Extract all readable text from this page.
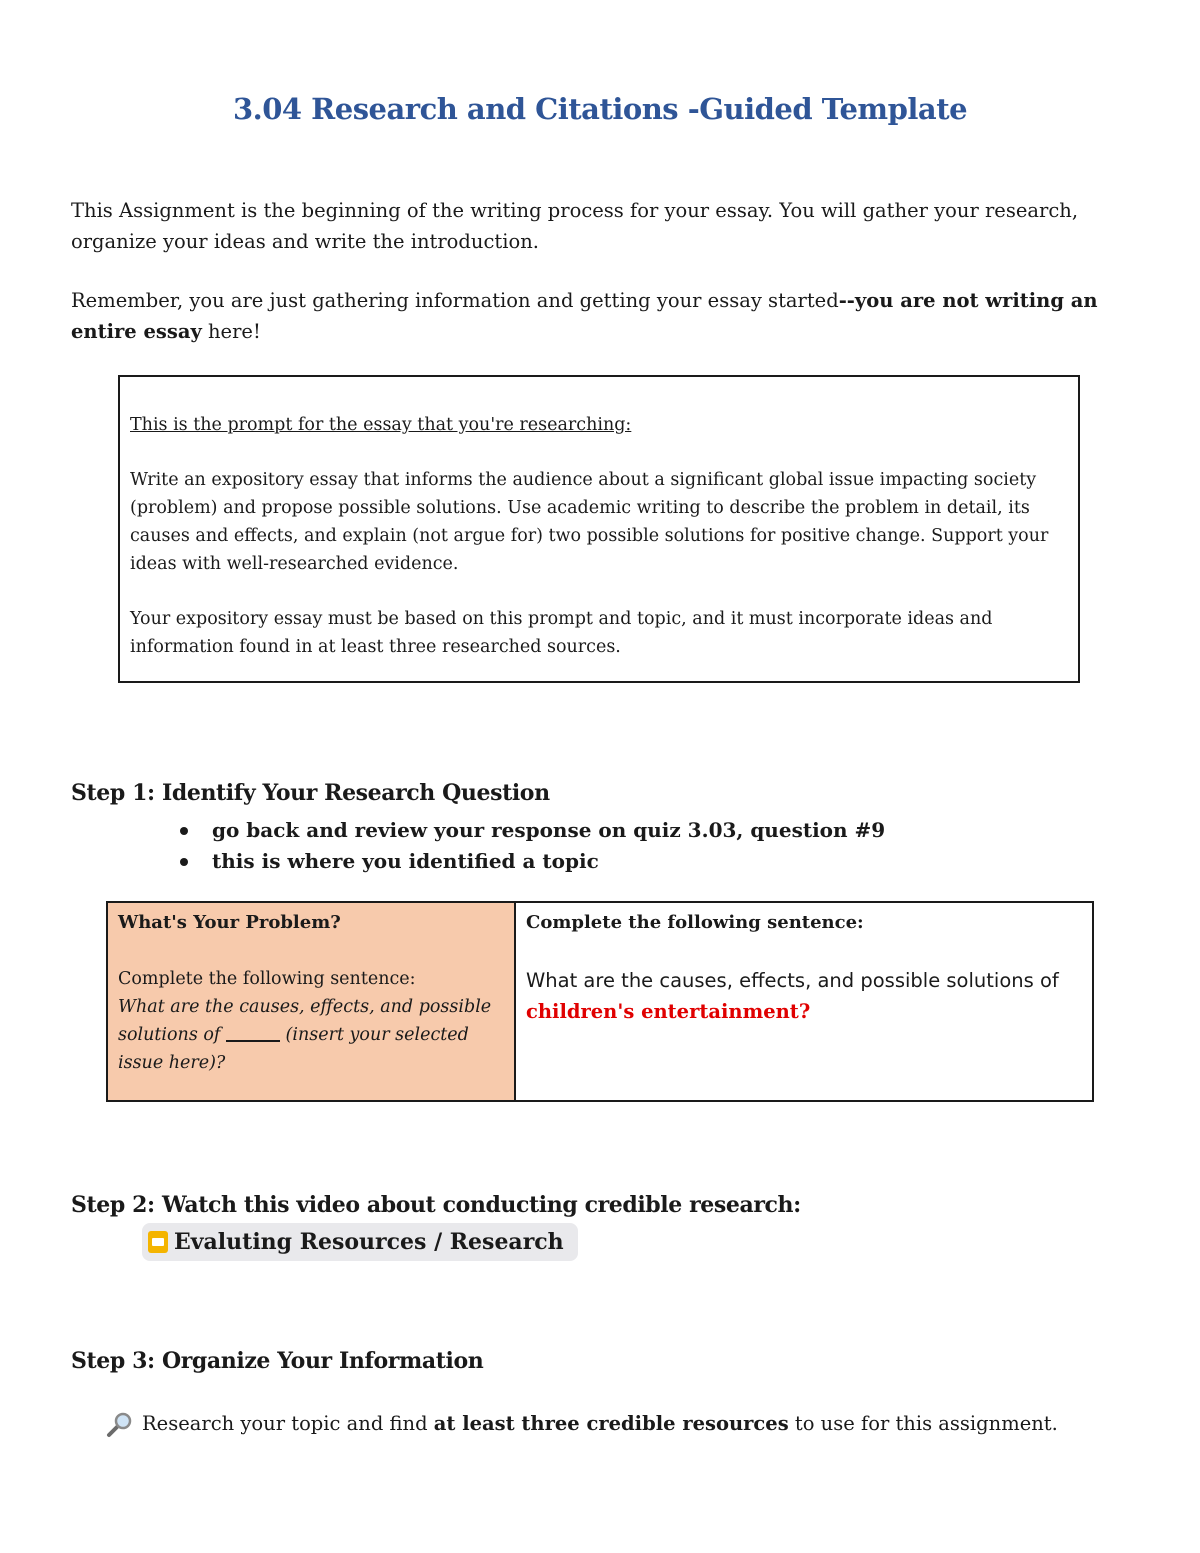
3.04 Research and Citations -Guided Template
This Assignment is the beginning of the writing process for your essay. You will gather your research, organize your ideas and write the introduction.
Remember, you are just gathering information and getting your essay started--you are not writing an entire essay here!

This is the prompt for the essay that you're researching:

Write an expository essay that informs the audience about a significant global issue impacting society (problem) and propose possible solutions. Use academic writing to describe the problem in detail, its causes and effects, and explain (not argue for) two possible solutions for positive change. Support your ideas with well-researched evidence.

Your expository essay must be based on this prompt and topic, and it must incorporate ideas and information found in at least three researched sources.

Step 1: Identify Your Research Question
go back and review your response on quiz 3.03, question #9
this is where you identified a topic
What's Your Problem?
Complete the following sentence:
What are the causes, effects, and possible solutions of	(insert your selected issue here)?

Complete the following sentence:
What are the causes, effects, and possible solutions of children's entertainment?
Step 2: Watch this video about conducting credible research:
Evaluting Resources / Research
Step 3: Organize Your Information
Research your topic and find at least three credible resources to use for this assignment.
